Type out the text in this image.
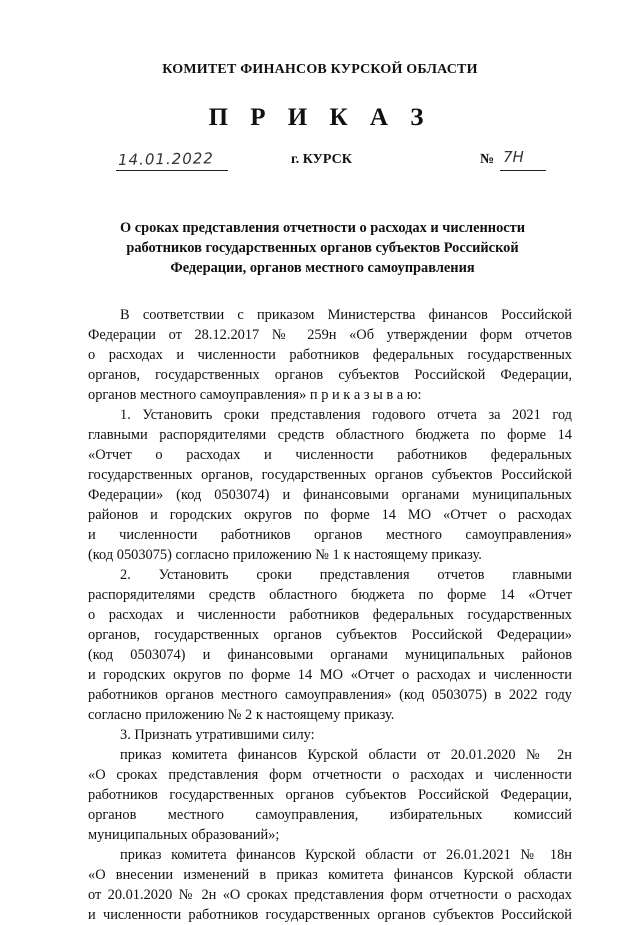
КОМИТЕТ ФИНАНСОВ КУРСКОЙ ОБЛАСТИ
П Р И К А З
14.01.2022	г. КУРСК	№ 7Н
О сроках представления отчетности о расходах и численности
работников государственных органов субъектов Российской
Федерации, органов местного самоуправления
В соответствии с приказом Министерства финансов Российской
Федерации от 28.12.2017 № 259н «Об утверждении форм отчетов
о расходах и численности работников федеральных государственных
органов, государственных органов субъектов Российской Федерации,
органов местного самоуправления» п р и к а з ы в а ю:
1. Установить сроки представления годового отчета за 2021 год
главными распорядителями средств областного бюджета по форме 14
«Отчет о расходах и численности работников федеральных
государственных органов, государственных органов субъектов Российской
Федерации» (код 0503074) и финансовыми органами муниципальных
районов и городских округов по форме 14 МО «Отчет о расходах
и численности работников органов местного самоуправления»
(код 0503075) согласно приложению № 1 к настоящему приказу.
2. Установить сроки представления отчетов главными
распорядителями средств областного бюджета по форме 14 «Отчет
о расходах и численности работников федеральных государственных
органов, государственных органов субъектов Российской Федерации»
(код 0503074) и финансовыми органами муниципальных районов
и городских округов по форме 14 МО «Отчет о расходах и численности
работников органов местного самоуправления» (код 0503075) в 2022 году
согласно приложению № 2 к настоящему приказу.
3. Признать утратившими силу:
приказ комитета финансов Курской области от 20.01.2020 № 2н
«О сроках представления форм отчетности о расходах и численности
работников государственных органов субъектов Российской Федерации,
органов местного самоуправления, избирательных комиссий
муниципальных образований»;
приказ комитета финансов Курской области от 26.01.2021 № 18н
«О внесении изменений в приказ комитета финансов Курской области
от 20.01.2020 № 2н «О сроках представления форм отчетности о расходах
и численности работников государственных органов субъектов Российской
